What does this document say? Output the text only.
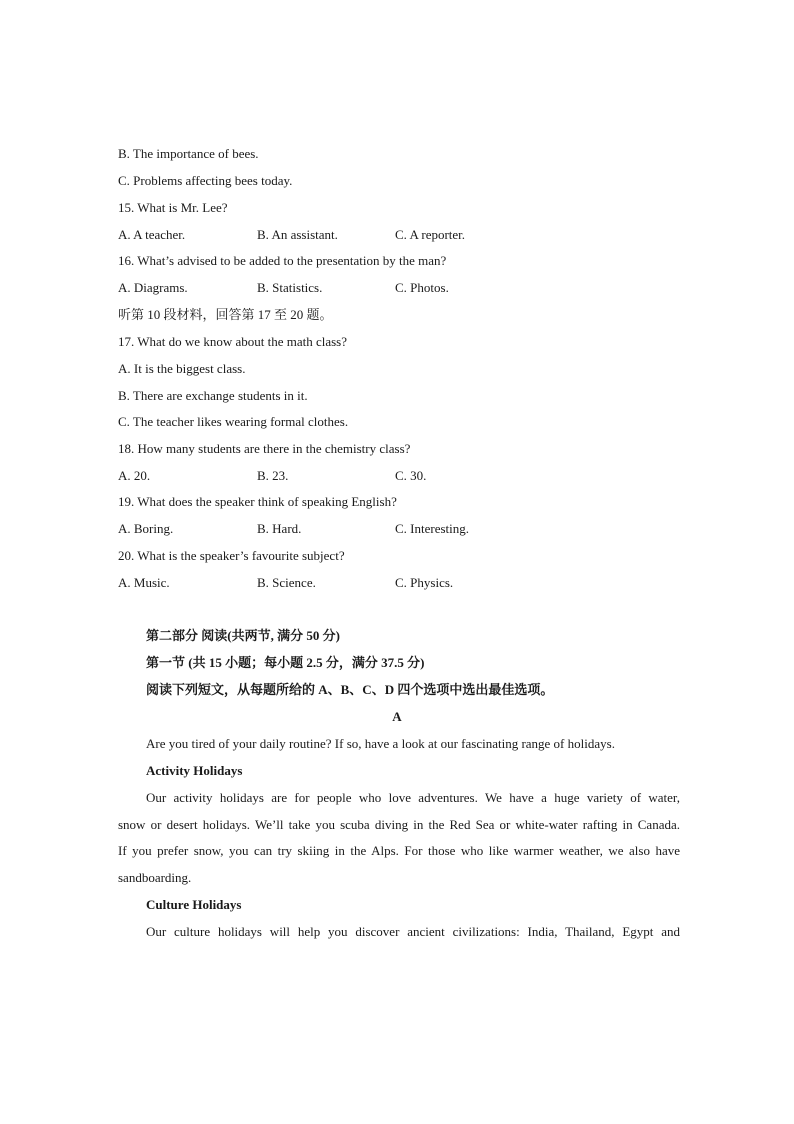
B. The importance of bees.
C. Problems affecting bees today.
15. What is Mr. Lee?
A. A teacher.	B. An assistant.	C. A reporter.
16. What’s advised to be added to the presentation by the man?
A. Diagrams.	B. Statistics.	C. Photos.
听第 10 段材料，回答第 17 至 20 题。
17. What do we know about the math class?
A. It is the biggest class.
B. There are exchange students in it.
C. The teacher likes wearing formal clothes.
18. How many students are there in the chemistry class?
A. 20.	B. 23.	C. 30.
19. What does the speaker think of speaking English?
A. Boring.	B. Hard.	C. Interesting.
20. What is the speaker’s favourite subject?
A. Music.	B. Science.	C. Physics.
第二部分 阅读(共两节, 满分 50 分)
第一节 (共 15 小题；每小题 2.5 分，满分 37.5 分)
阅读下列短文，从每题所给的 A、B、C、D 四个选项中选出最佳选项。
A
Are you tired of your daily routine? If so, have a look at our fascinating range of holidays.
Activity Holidays
Our activity holidays are for people who love adventures. We have a huge variety of water,
snow or desert holidays. We’ll take you scuba diving in the Red Sea or white-water rafting in Canada.
If you prefer snow, you can try skiing in the Alps. For those who like warmer weather, we also have
sandboarding.
Culture Holidays
Our culture holidays will help you discover ancient civilizations: India, Thailand, Egypt and
